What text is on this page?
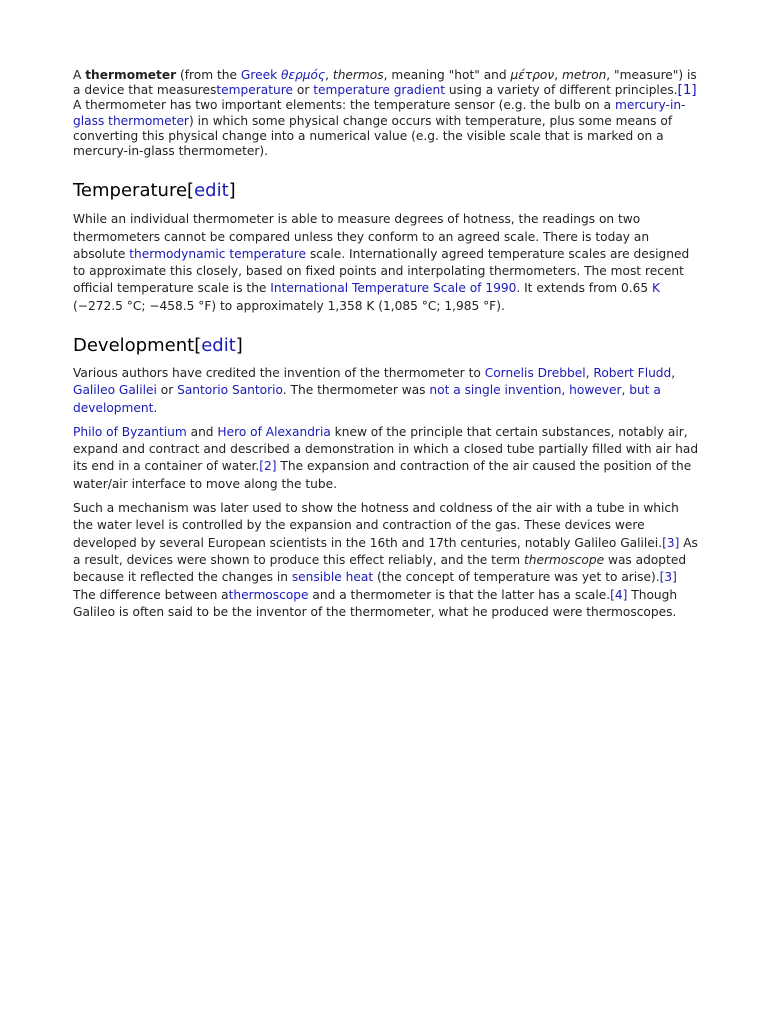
A thermometer (from the Greek θερμός, thermos, meaning "hot" and μέτρον, metron, "measure") is a device that measurestemperature or temperature gradient using a variety of different principles.[1] A thermometer has two important elements: the temperature sensor (e.g. the bulb on a mercury-in-glass thermometer) in which some physical change occurs with temperature, plus some means of converting this physical change into a numerical value (e.g. the visible scale that is marked on a mercury-in-glass thermometer).

Temperature[edit]

While an individual thermometer is able to measure degrees of hotness, the readings on two thermometers cannot be compared unless they conform to an agreed scale. There is today an absolute thermodynamic temperature scale. Internationally agreed temperature scales are designed to approximate this closely, based on fixed points and interpolating thermometers. The most recent official temperature scale is the International Temperature Scale of 1990. It extends from 0.65 K (−272.5 °C; −458.5 °F) to approximately 1,358 K (1,085 °C; 1,985 °F).

Development[edit]

Various authors have credited the invention of the thermometer to Cornelis Drebbel, Robert Fludd, Galileo Galilei or Santorio Santorio. The thermometer was not a single invention, however, but a development.

Philo of Byzantium and Hero of Alexandria knew of the principle that certain substances, notably air, expand and contract and described a demonstration in which a closed tube partially filled with air had its end in a container of water.[2] The expansion and contraction of the air caused the position of the water/air interface to move along the tube.

Such a mechanism was later used to show the hotness and coldness of the air with a tube in which the water level is controlled by the expansion and contraction of the gas. These devices were developed by several European scientists in the 16th and 17th centuries, notably Galileo Galilei.[3] As a result, devices were shown to produce this effect reliably, and the term thermoscope was adopted because it reflected the changes in sensible heat (the concept of temperature was yet to arise).[3] The difference between athermoscope and a thermometer is that the latter has a scale.[4] Though Galileo is often said to be the inventor of the thermometer, what he produced were thermoscopes.
